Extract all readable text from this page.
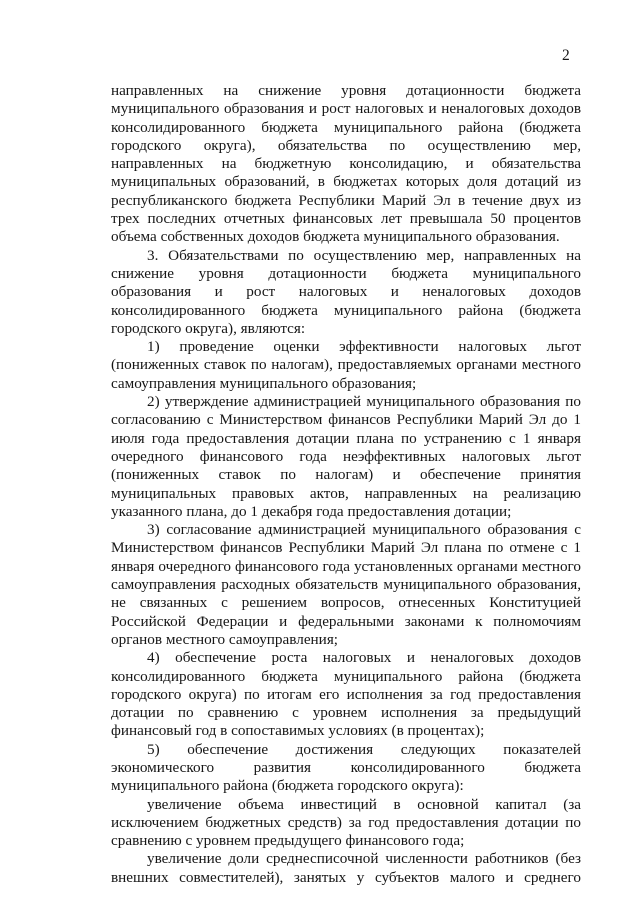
2

направленных на снижение уровня дотационности бюджета муниципального образования и рост налоговых и неналоговых доходов консолидированного бюджета муниципального района (бюджета городского округа), обязательства по осуществлению мер, направленных на бюджетную консолидацию, и обязательства муниципальных образований, в бюджетах которых доля дотаций из республиканского бюджета Республики Марий Эл в течение двух из трех последних отчетных финансовых лет превышала 50 процентов объема собственных доходов бюджета муниципального образования.

3. Обязательствами по осуществлению мер, направленных на снижение уровня дотационности бюджета муниципального образования и рост налоговых и неналоговых доходов консолидированного бюджета муниципального района (бюджета городского округа), являются:

1) проведение оценки эффективности налоговых льгот (пониженных ставок по налогам), предоставляемых органами местного самоуправления муниципального образования;

2) утверждение администрацией муниципального образования по согласованию с Министерством финансов Республики Марий Эл до 1 июля года предоставления дотации плана по устранению с 1 января очередного финансового года неэффективных налоговых льгот (пониженных ставок по налогам) и обеспечение принятия муниципальных правовых актов, направленных на реализацию указанного плана, до 1 декабря года предоставления дотации;

3) согласование администрацией муниципального образования с Министерством финансов Республики Марий Эл плана по отмене с 1 января очередного финансового года установленных органами местного самоуправления расходных обязательств муниципального образования, не связанных с решением вопросов, отнесенных Конституцией Российской Федерации и федеральными законами к полномочиям органов местного самоуправления;

4) обеспечение роста налоговых и неналоговых доходов консолидированного бюджета муниципального района (бюджета городского округа) по итогам его исполнения за год предоставления дотации по сравнению с уровнем исполнения за предыдущий финансовый год в сопоставимых условиях (в процентах);

5) обеспечение достижения следующих показателей экономического развития консолидированного бюджета муниципального района (бюджета городского округа):

увеличение объема инвестиций в основной капитал (за исключением бюджетных средств) за год предоставления дотации по сравнению с уровнем предыдущего финансового года;

увеличение доли среднесписочной численности работников (без внешних совместителей), занятых у субъектов малого и среднего
